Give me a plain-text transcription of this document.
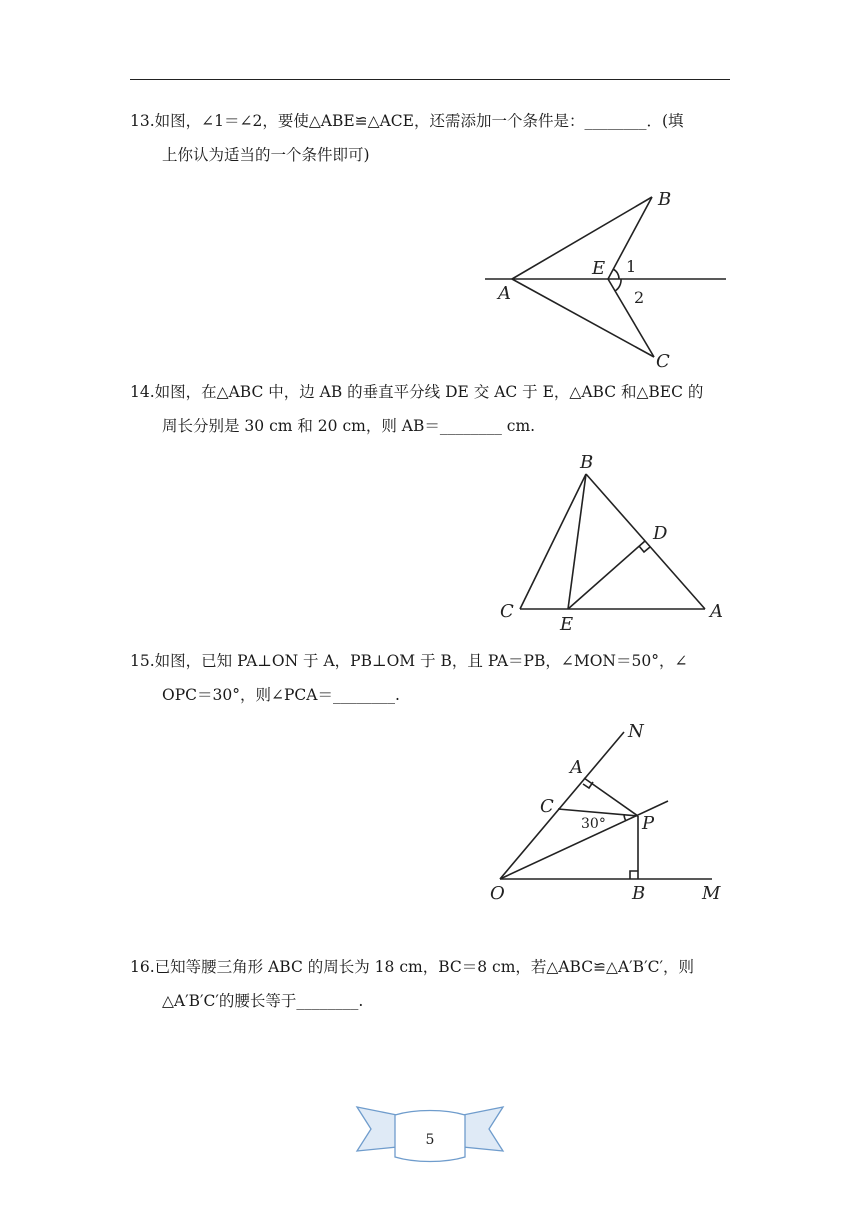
13.如图，∠1＝∠2，要使△ABE≌△ACE，还需添加一个条件是：________．(填
上你认为适当的一个条件即可)
B
A
E
C
1
2
14.如图，在△ABC 中，边 AB 的垂直平分线 DE 交 AC 于 E，△ABC 和△BEC 的
周长分别是 30 cm 和 20 cm，则 AB＝________ cm.
B
D
C	A
E
15.如图，已知 PA⊥ON 于 A，PB⊥OM 于 B，且 PA＝PB，∠MON＝50°，∠
OPC＝30°，则∠PCA＝________.
N
A
C
P
O	B	M
30°
16.已知等腰三角形 ABC 的周长为 18 cm，BC＝8 cm，若△ABC≌△A′B′C′，则
△A′B′C′的腰长等于________.
5
